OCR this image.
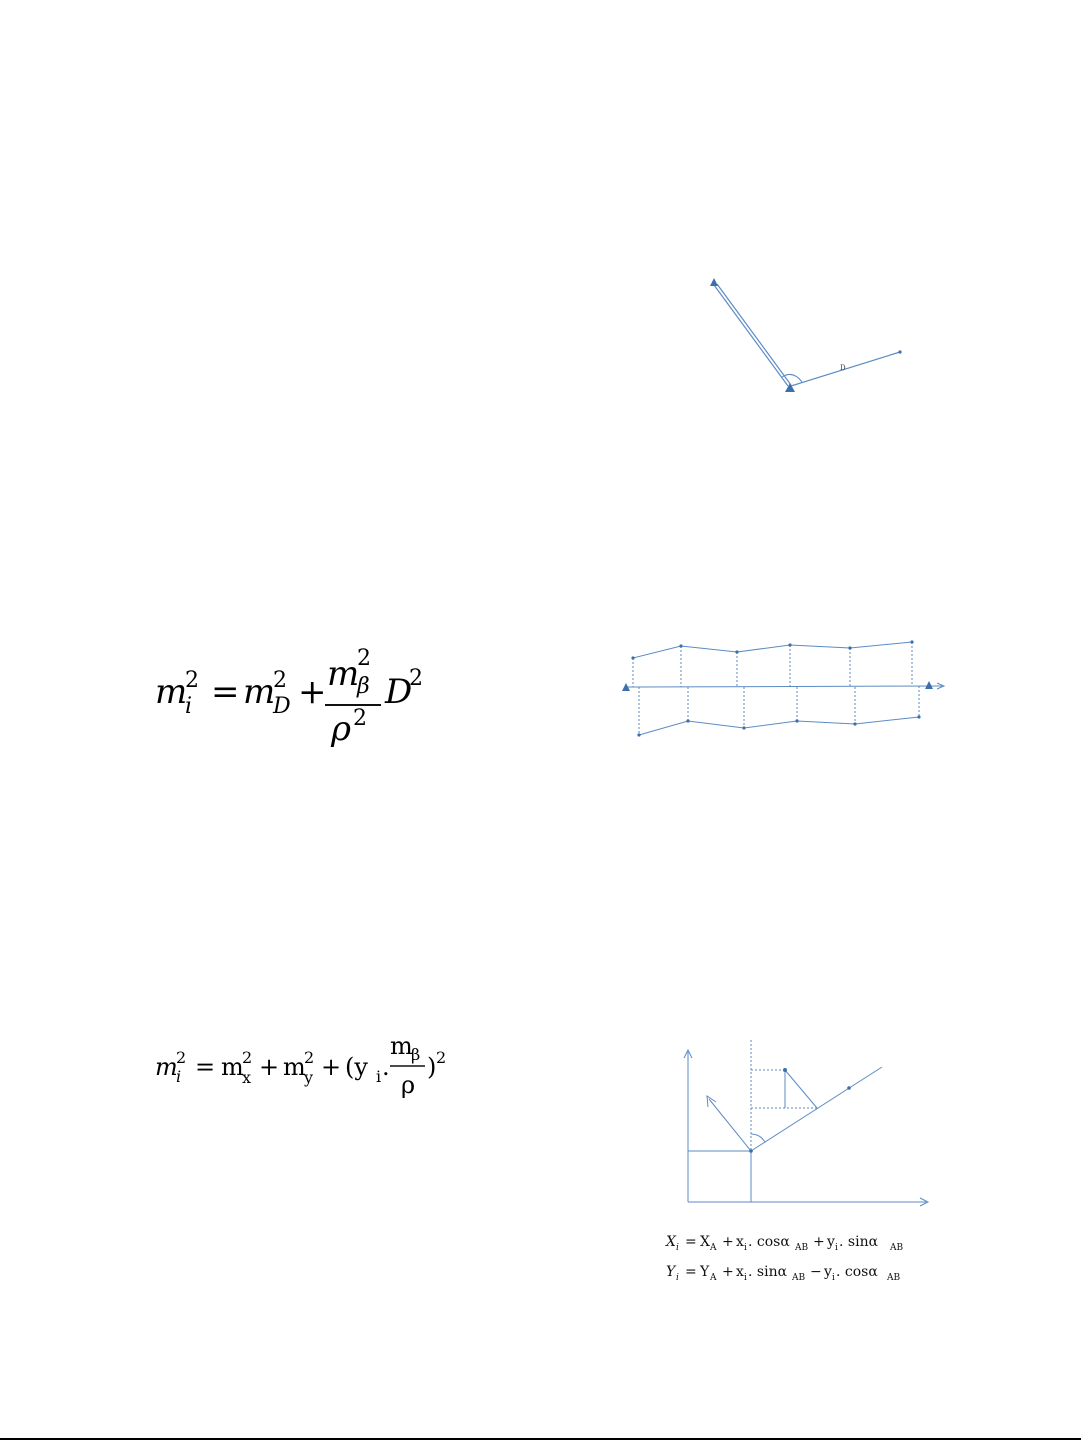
D
m
2
i = m
2
D + m
2
β
ρ 2
D
2
m
2
i = m
2
x + m
2
y + (y i .
m
β
ρ
) 2
X i = X A + x i . cosα AB + y i . sinα AB
Y i = Y A + x i . sinα AB − y i . cosα AB
